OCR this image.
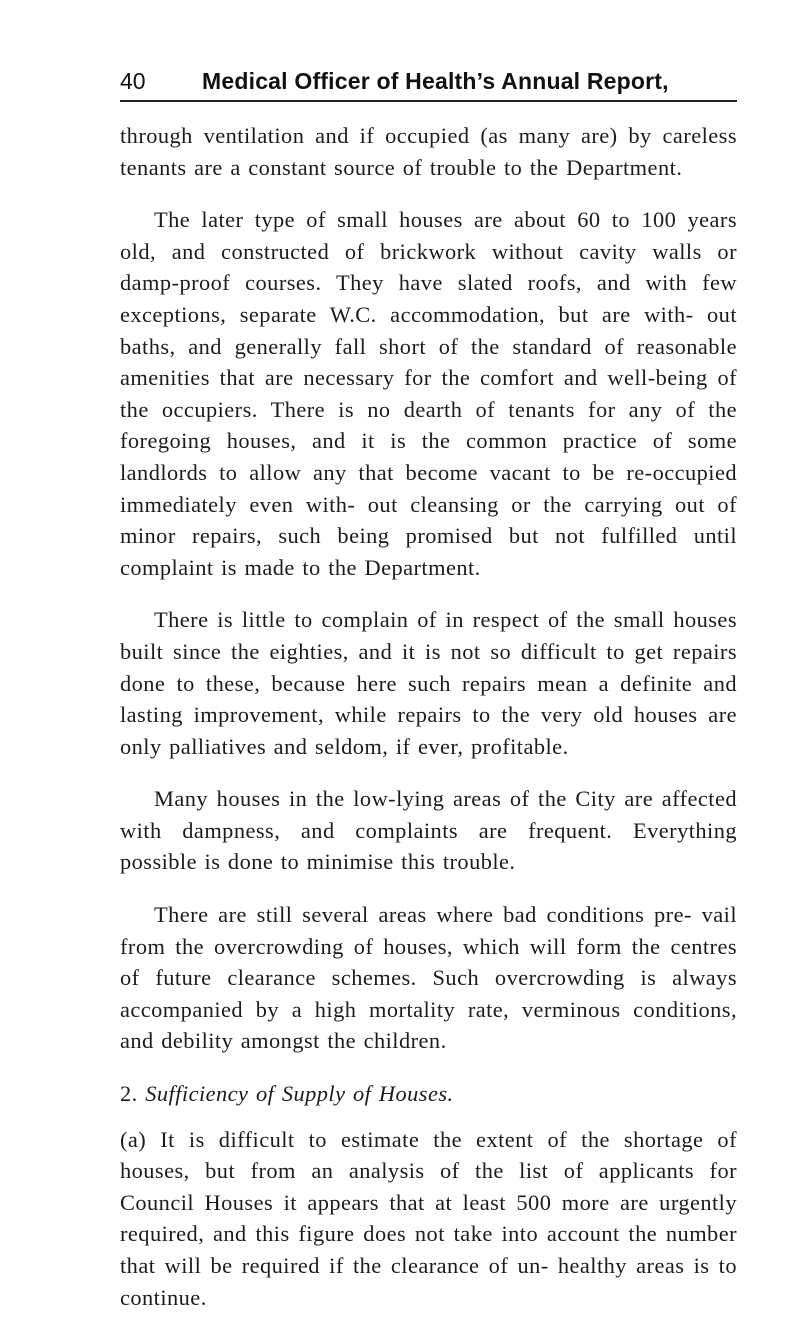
40 Medical Officer of Health’s Annual Report,

through ventilation and if occupied (as many are) by careless tenants are a constant source of trouble to the Department.

The later type of small houses are about 60 to 100 years old, and constructed of brickwork without cavity walls or damp-proof courses. They have slated roofs, and with few exceptions, separate W.C. accommodation, but are with- out baths, and generally fall short of the standard of reasonable amenities that are necessary for the comfort and well-being of the occupiers. There is no dearth of tenants for any of the foregoing houses, and it is the common practice of some landlords to allow any that become vacant to be re-occupied immediately even with- out cleansing or the carrying out of minor repairs, such being promised but not fulfilled until complaint is made to the Department.

There is little to complain of in respect of the small houses built since the eighties, and it is not so difficult to get repairs done to these, because here such repairs mean a definite and lasting improvement, while repairs to the very old houses are only palliatives and seldom, if ever, profitable.

Many houses in the low-lying areas of the City are affected with dampness, and complaints are frequent. Everything possible is done to minimise this trouble.

There are still several areas where bad conditions pre- vail from the overcrowding of houses, which will form the centres of future clearance schemes. Such overcrowding is always accompanied by a high mortality rate, verminous conditions, and debility amongst the children.

2. Sufficiency of Supply of Houses.

(a) It is difficult to estimate the extent of the shortage of houses, but from an analysis of the list of applicants for Council Houses it appears that at least 500 more are urgently required, and this figure does not take into account the number that will be required if the clearance of un- healthy areas is to continue.
